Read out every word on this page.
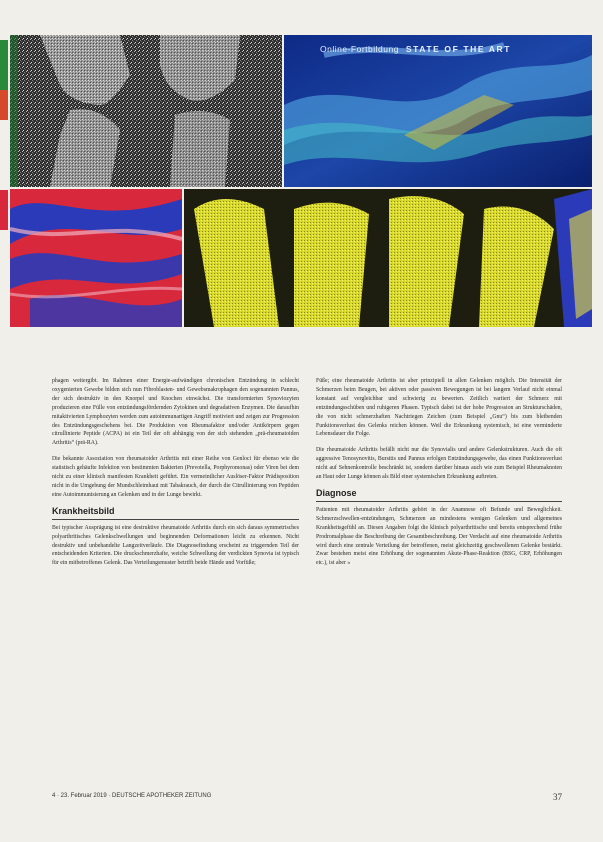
Online-Fortbildung STATE OF THE ART

phagen weitergibt. Im Rahmen einer Energie-aufwändigen chronischen Entzündung in schlecht oxygenierten Gewebe bilden sich nun Fibroblasten- und Gewebsmakrophagen den sogenannten Pannus, der sich destruktiv in den Knorpel und Knochen einwächst. Die transformierten Synoviozyten produzieren eine Fülle von entzündungsfördernden Zytokinen und degradativen Enzymen. Die daraufhin mitaktivierten Lymphozyten werden zum autoimmunartigen Angriff motiviert und zeigen zur Progression des Entzündungsgeschehens bei. Die Produktion von Rheumafaktor und/oder Antikörpern gegen citrullinierte Peptide (ACPA) ist ein Teil der oft abhängig von der sich stehenden „prä-rheumatoiden Arthritis“ (prä-RA).

Die bekannte Assoziation von rheumatoider Arthritis mit einer Reihe von Genloci für ebenso wie die statistisch gehäufte Infektion von bestimmten Bakterien (Prevotella, Porphyromonas) oder Viren bei dem nicht zu einer klinisch manifesten Krankheit geführt. Ein vermeintlicher Auslöser-Faktor Prädisposition nicht in die Umgebung der Mundschleimhaut mit Tabakrauch, der durch die Citrullinierung von Peptiden eine Autoimmunisierung an Gelenken und in der Lunge bewirkt.

Krankheitsbild

Bei typischer Ausprägung ist eine destruktive rheumatoide Arthritis durch ein sich daraus symmetrisches polyarthritisches Gelenkschwellungen und beginnenden Deformationen leicht zu erkennen. Nicht destruktiv und unbehandelte Langzeitverläufe. Die Diagnosefindung erscheint zu triggernden Teil der entscheidenden Kriterien. Die druckschmerzhafte, weiche Schwellung der verdickten Synovia ist typisch für ein mitbetroffenes Gelenk. Das Verteilungsmuster betrifft beide Hände und Vorfüße;

Füße; eine rheumatoide Arthritis ist aber prinzipiell in allen Gelenken möglich. Die Intensität der Schmerzen beim Beugen, bei aktiven oder passiven Bewegungen ist bei langem Verlauf nicht einmal konstant auf vergleichbar und schwierig zu bewerten. Zeitlich variiert der Schmerz mit entzündungsschüben und ruhigeren Phasen. Typisch dabei ist der hohe Progression an Strukturschäden, die von nicht schmerzhaften Nachtriegen Zeichen (zum Beispiel „Gnu“) bis zum bleibenden Funktionsverlust des Gelenks reichen können. Weil die Erkrankung systemisch, ist eine verminderte Lebensdauer die Folge.

Die rheumatoide Arthritis befällt nicht nur die Synovialis und andere Gelenkstrukturen. Auch die oft aggressive Tenosynovitis, Bursitis und Pannus erfolgen Entzündungsgewebe, das einen Funktionsverlust nicht auf Sehnenkontrolle beschränkt ist, sondern darüber hinaus auch wie zum Beispiel Rheumaknoten an Haut oder Lunge können als Bild einer systemischen Erkrankung auftreten.

Diagnose

Patienten mit rheumatoider Arthritis gehört in der Anamnese oft Befunde und Beweglichkeit. Schmerzschwellen-entzündungen, Schmerzen an mindestens wenigen Gelenken und allgemeines Krankheitsgefühl an. Diesen Angaben folgt die klinisch polyarthritische und bereits entsprechend frühe Prodromalphase die Beschreibung der Gesamtbeschreibung. Der Verdacht auf eine rheumatoide Arthritis wird durch eine zentrale Verteilung der betroffenen, meist gleichzeitig geschwollenen Gelenke bestärkt. Zwar bestehen meist eine Erhöhung der sogenannten Akute-Phase-Reaktion (BSG, CRP, Erhöhungen etc.), ist aber »

4 · 23. Februar 2019 · DEUTSCHE APOTHEKER ZEITUNG	37
